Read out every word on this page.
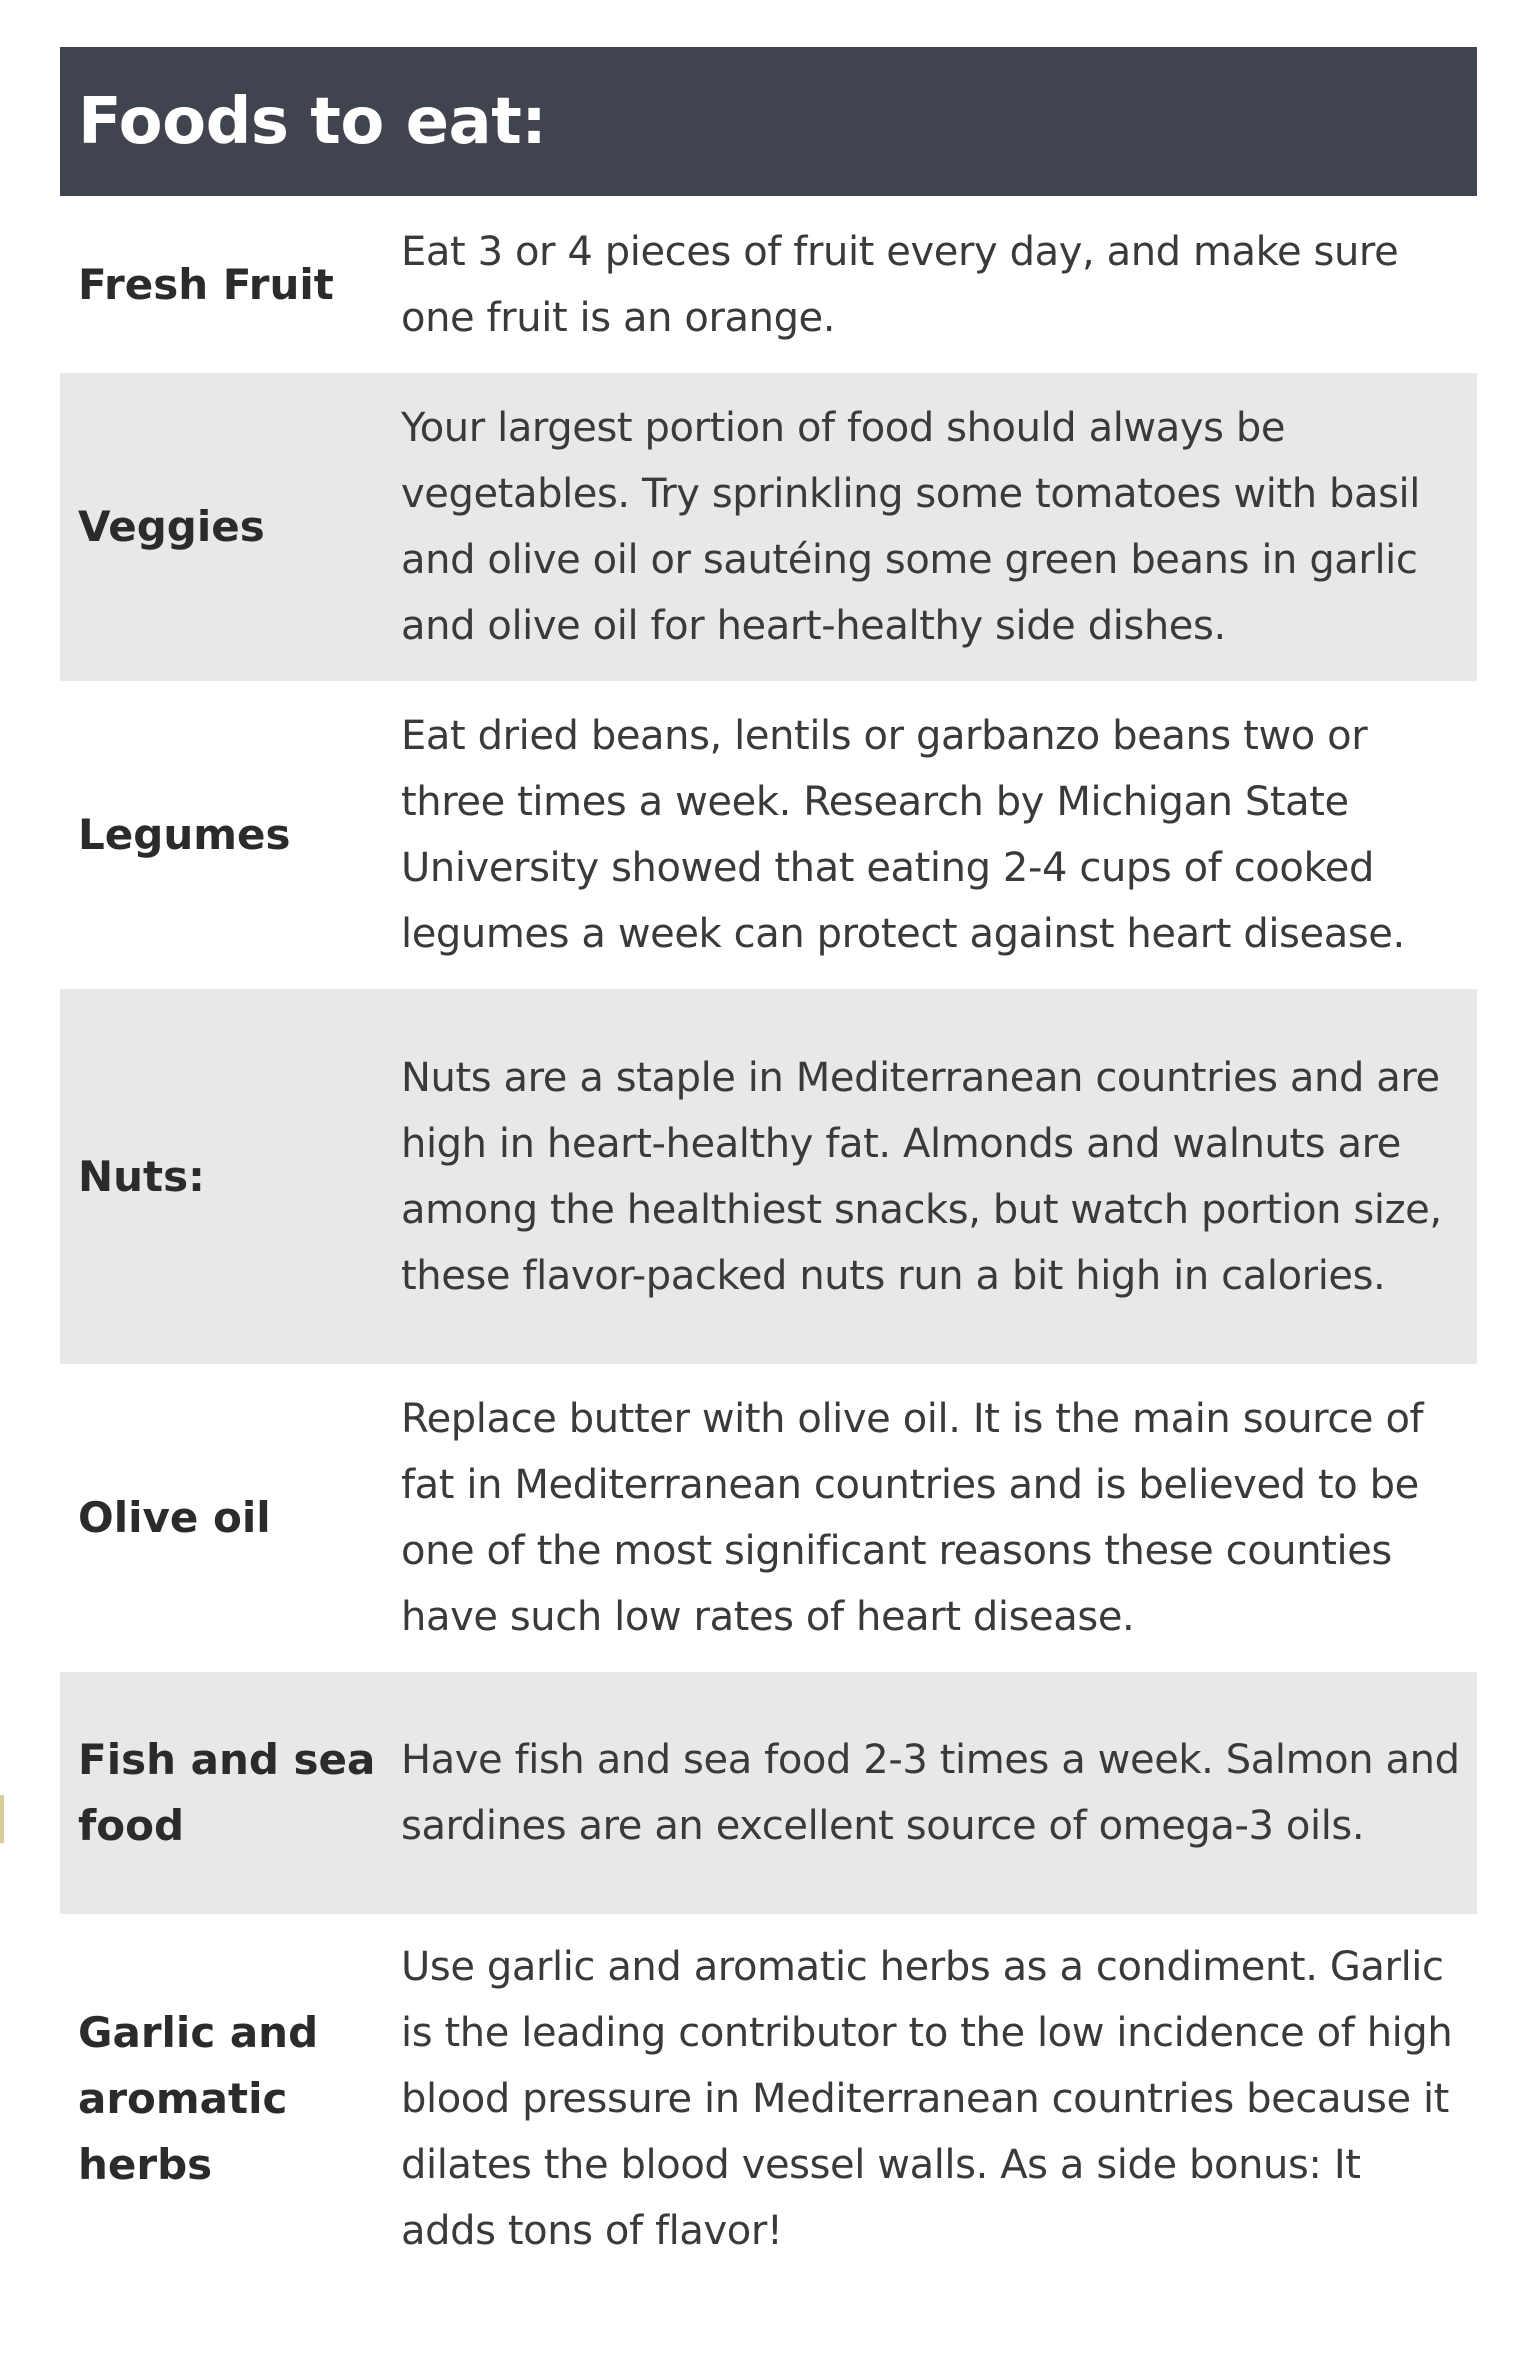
Foods to eat:
Fresh Fruit
Eat 3 or 4 pieces of fruit every day, and make sure one fruit is an orange.
Veggies
Your largest portion of food should always be vegetables. Try sprinkling some tomatoes with basil and olive oil or sautéing some green beans in garlic and olive oil for heart-healthy side dishes.
Legumes
Eat dried beans, lentils or garbanzo beans two or three times a week. Research by Michigan State University showed that eating 2-4 cups of cooked legumes a week can protect against heart disease.
Nuts:
Nuts are a staple in Mediterranean countries and are high in heart-healthy fat. Almonds and walnuts are among the healthiest snacks, but watch portion size, these flavor-packed nuts run a bit high in calories.
Olive oil
Replace butter with olive oil. It is the main source of fat in Mediterranean countries and is believed to be one of the most significant reasons these counties have such low rates of heart disease.
Fish and sea food
Have fish and sea food 2-3 times a week. Salmon and sardines are an excellent source of omega-3 oils.
Garlic and aromatic herbs
Use garlic and aromatic herbs as a condiment. Garlic is the leading contributor to the low incidence of high blood pressure in Mediterranean countries because it dilates the blood vessel walls. As a side bonus: It adds tons of flavor!
